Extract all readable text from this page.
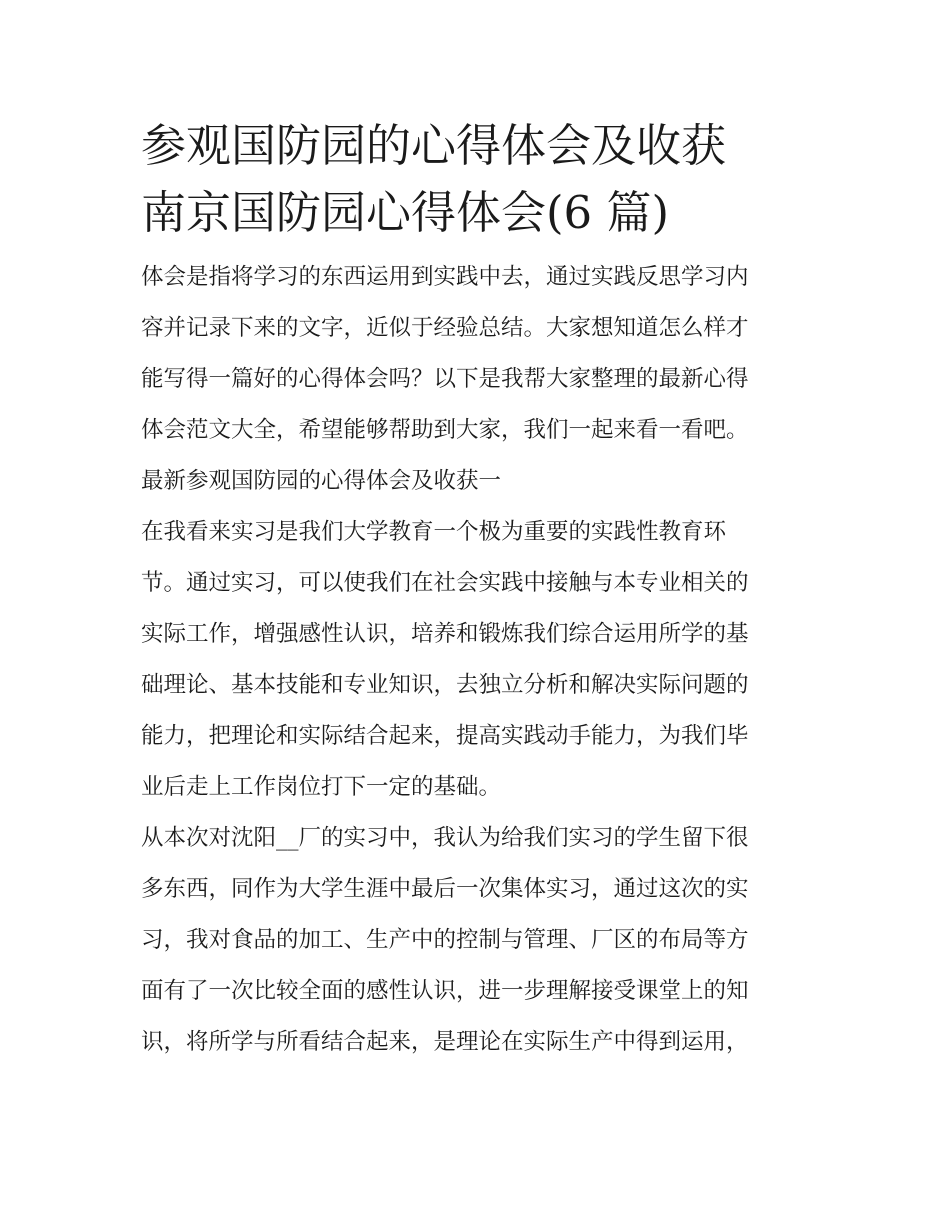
参观国防园的心得体会及收获
南京国防园心得体会(6 篇)
体会是指将学习的东西运用到实践中去，通过实践反思学习内
容并记录下来的文字，近似于经验总结。大家想知道怎么样才
能写得一篇好的心得体会吗？以下是我帮大家整理的最新心得
体会范文大全，希望能够帮助到大家，我们一起来看一看吧。
最新参观国防园的心得体会及收获一
在我看来实习是我们大学教育一个极为重要的实践性教育环
节。通过实习，可以使我们在社会实践中接触与本专业相关的
实际工作，增强感性认识，培养和锻炼我们综合运用所学的基
础理论、基本技能和专业知识，去独立分析和解决实际问题的
能力，把理论和实际结合起来，提高实践动手能力，为我们毕
业后走上工作岗位打下一定的基础。
从本次对沈阳__厂的实习中，我认为给我们实习的学生留下很
多东西，同作为大学生涯中最后一次集体实习，通过这次的实
习，我对食品的加工、生产中的控制与管理、厂区的布局等方
面有了一次比较全面的感性认识，进一步理解接受课堂上的知
识，将所学与所看结合起来，是理论在实际生产中得到运用，
